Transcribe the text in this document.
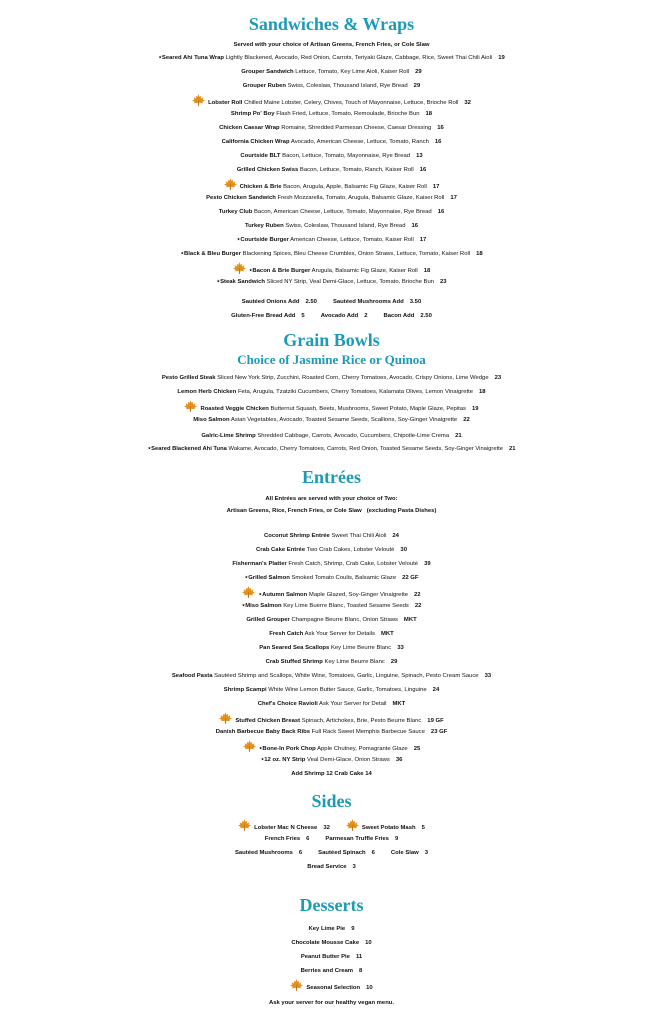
Sandwiches & Wraps
Served with your choice of Artisan Greens, French Fries, or Cole Slaw
⋆Seared Ahi Tuna Wrap Lightly Blackened, Avocado, Red Onion, Carrots, Teriyaki Glaze, Cabbage, Rice, Sweet Thai Chili Aioli 19
Grouper Sandwich Lettuce, Tomato, Key Lime Aioli, Kaiser Roll 29
Grouper Ruben Swiss, Coleslaw, Thousand Island, Rye Bread 29
Lobster Roll Chilled Maine Lobster, Celery, Chives, Touch of Mayonnaise, Lettuce, Brioche Roll 32
Shrimp Po' Boy Flash Fried, Lettuce, Tomato, Remoulade, Brioche Bun 18
Chicken Caesar Wrap Romaine, Shredded Parmesan Cheese, Caesar Dressing 16
California Chicken Wrap Avocado, American Cheese, Lettuce, Tomato, Ranch 16
Courtside BLT Bacon, Lettuce, Tomato, Mayonnaise, Rye Bread 13
Grilled Chicken Swiss Bacon, Lettuce, Tomato, Ranch, Kaiser Roll 16
Chicken & Brie Bacon, Arugula, Apple, Balsamic Fig Glaze, Kaiser Roll 17
Pesto Chicken Sandwich Fresh Mozzarella, Tomato, Arugula, Balsamic Glaze, Kaiser Roll 17
Turkey Club Bacon, American Cheese, Lettuce, Tomato, Mayonnaise, Rye Bread 16
Turkey Ruben Swiss, Coleslaw, Thousand Island, Rye Bread 16
⋆Courtside Burger American Cheese, Lettuce, Tomato, Kaiser Roll 17
⋆Black & Bleu Burger Blackening Spices, Bleu Cheese Crumbles, Onion Straws, Lettuce, Tomato, Kaiser Roll 18
⋆Bacon & Brie Burger Arugula, Balsamic Fig Glaze, Kaiser Roll 18
⋆Steak Sandwich Sliced NY Strip, Veal Demi-Glace, Lettuce, Tomato, Brioche Bun 23
Sautéed Onions Add 2.50	Sautéed Mushrooms Add 3.50
Gluten-Free Bread Add 5	Avocado Add 2	Bacon Add 2.50
Grain Bowls
Choice of Jasmine Rice or Quinoa
Pesto Grilled Steak Sliced New York Strip, Zucchini, Roasted Corn, Cherry Tomatoes, Avocado, Crispy Onions, Lime Wedge 23
Lemon Herb Chicken Feta, Arugula, Tzatziki Cucumbers, Cherry Tomatoes, Kalamata Olives, Lemon Vinaigrette 18
Roasted Veggie Chicken Butternut Squash, Beets, Mushrooms, Sweet Potato, Maple Glaze, Pepitas 19
Miso Salmon Asian Vegetables, Avocado, Toasted Sesame Seeds, Scallions, Soy-Ginger Vinaigrette 22
Galric-Lime Shrimp Shredded Cabbage, Carrots, Avocado, Cucumbers, Chipotle-Lime Crema 21
⋆Seared Blackened Ahi Tuna Wakame, Avocado, Cherry Tomatoes, Carrots, Red Onion, Toasted Sesame Seeds, Soy-Ginger Vinaigrette 21
Entrées
All Entrées are served with your choice of Two:
Artisan Greens, Rice, French Fries, or Cole Slaw (excluding Pasta Dishes)
Coconut Shrimp Entrée Sweet Thai Chili Aioli 24
Crab Cake Entrée Two Crab Cakes, Lobster Veloutė 30
Fisherman's Platter Fresh Catch, Shrimp, Crab Cake, Lobster Veloutė 39
⋆Grilled Salmon Smoked Tomato Coulis, Balsamic Glaze 22 GF
⋆Autumn Salmon Maple Glazed, Soy-Ginger Vinaigrette 22
⋆Miso Salmon Key Lime Buerre Blanc, Toasted Sesame Seeds 22
Grilled Grouper Champagne Beurre Blanc, Onion Straws MKT
Fresh Catch Ask Your Server for Details MKT
Pan Seared Sea Scallops Key Lime Beurre Blanc 33
Crab Stuffed Shrimp Key Lime Beurre Blanc 29
Seafood Pasta Sautéed Shrimp and Scallops, White Wine, Tomatoes, Garlic, Linguine, Spinach, Pesto Cream Sauce 33
Shrimp Scampi White Wine Lemon Butter Sauce, Garlic, Tomatoes, Linguine 24
Chef's Choice Ravioli Ask Your Server for Detail MKT
Stuffed Chicken Breast Spinach, Artichokes, Brie, Pesto Beurre Blanc 19 GF
Danish Barbecue Baby Back Ribs Full Rack Sweet Memphis Barbecue Sauce 23 GF
⋆Bone-In Pork Chop Apple Chutney, Pomagrante Glaze 25
⋆12 oz. NY Strip Veal Demi-Glace, Onion Straws 36
Add Shrimp 12 Crab Cake 14
Sides
Lobster Mac N Cheese 32	Sweet Potato Mash 5
French Fries 6	Parmesan Truffle Fries 9
Sautéed Mushrooms 6	Sautéed Spinach 6	Cole Slaw 3
Bread Service 3
Desserts
Key Lime Pie 9
Chocolate Mousse Cake 10
Peanut Butter Pie 11
Berries and Cream 8
Seasonal Selection 10
Ask your server for our healthy vegan menu.
